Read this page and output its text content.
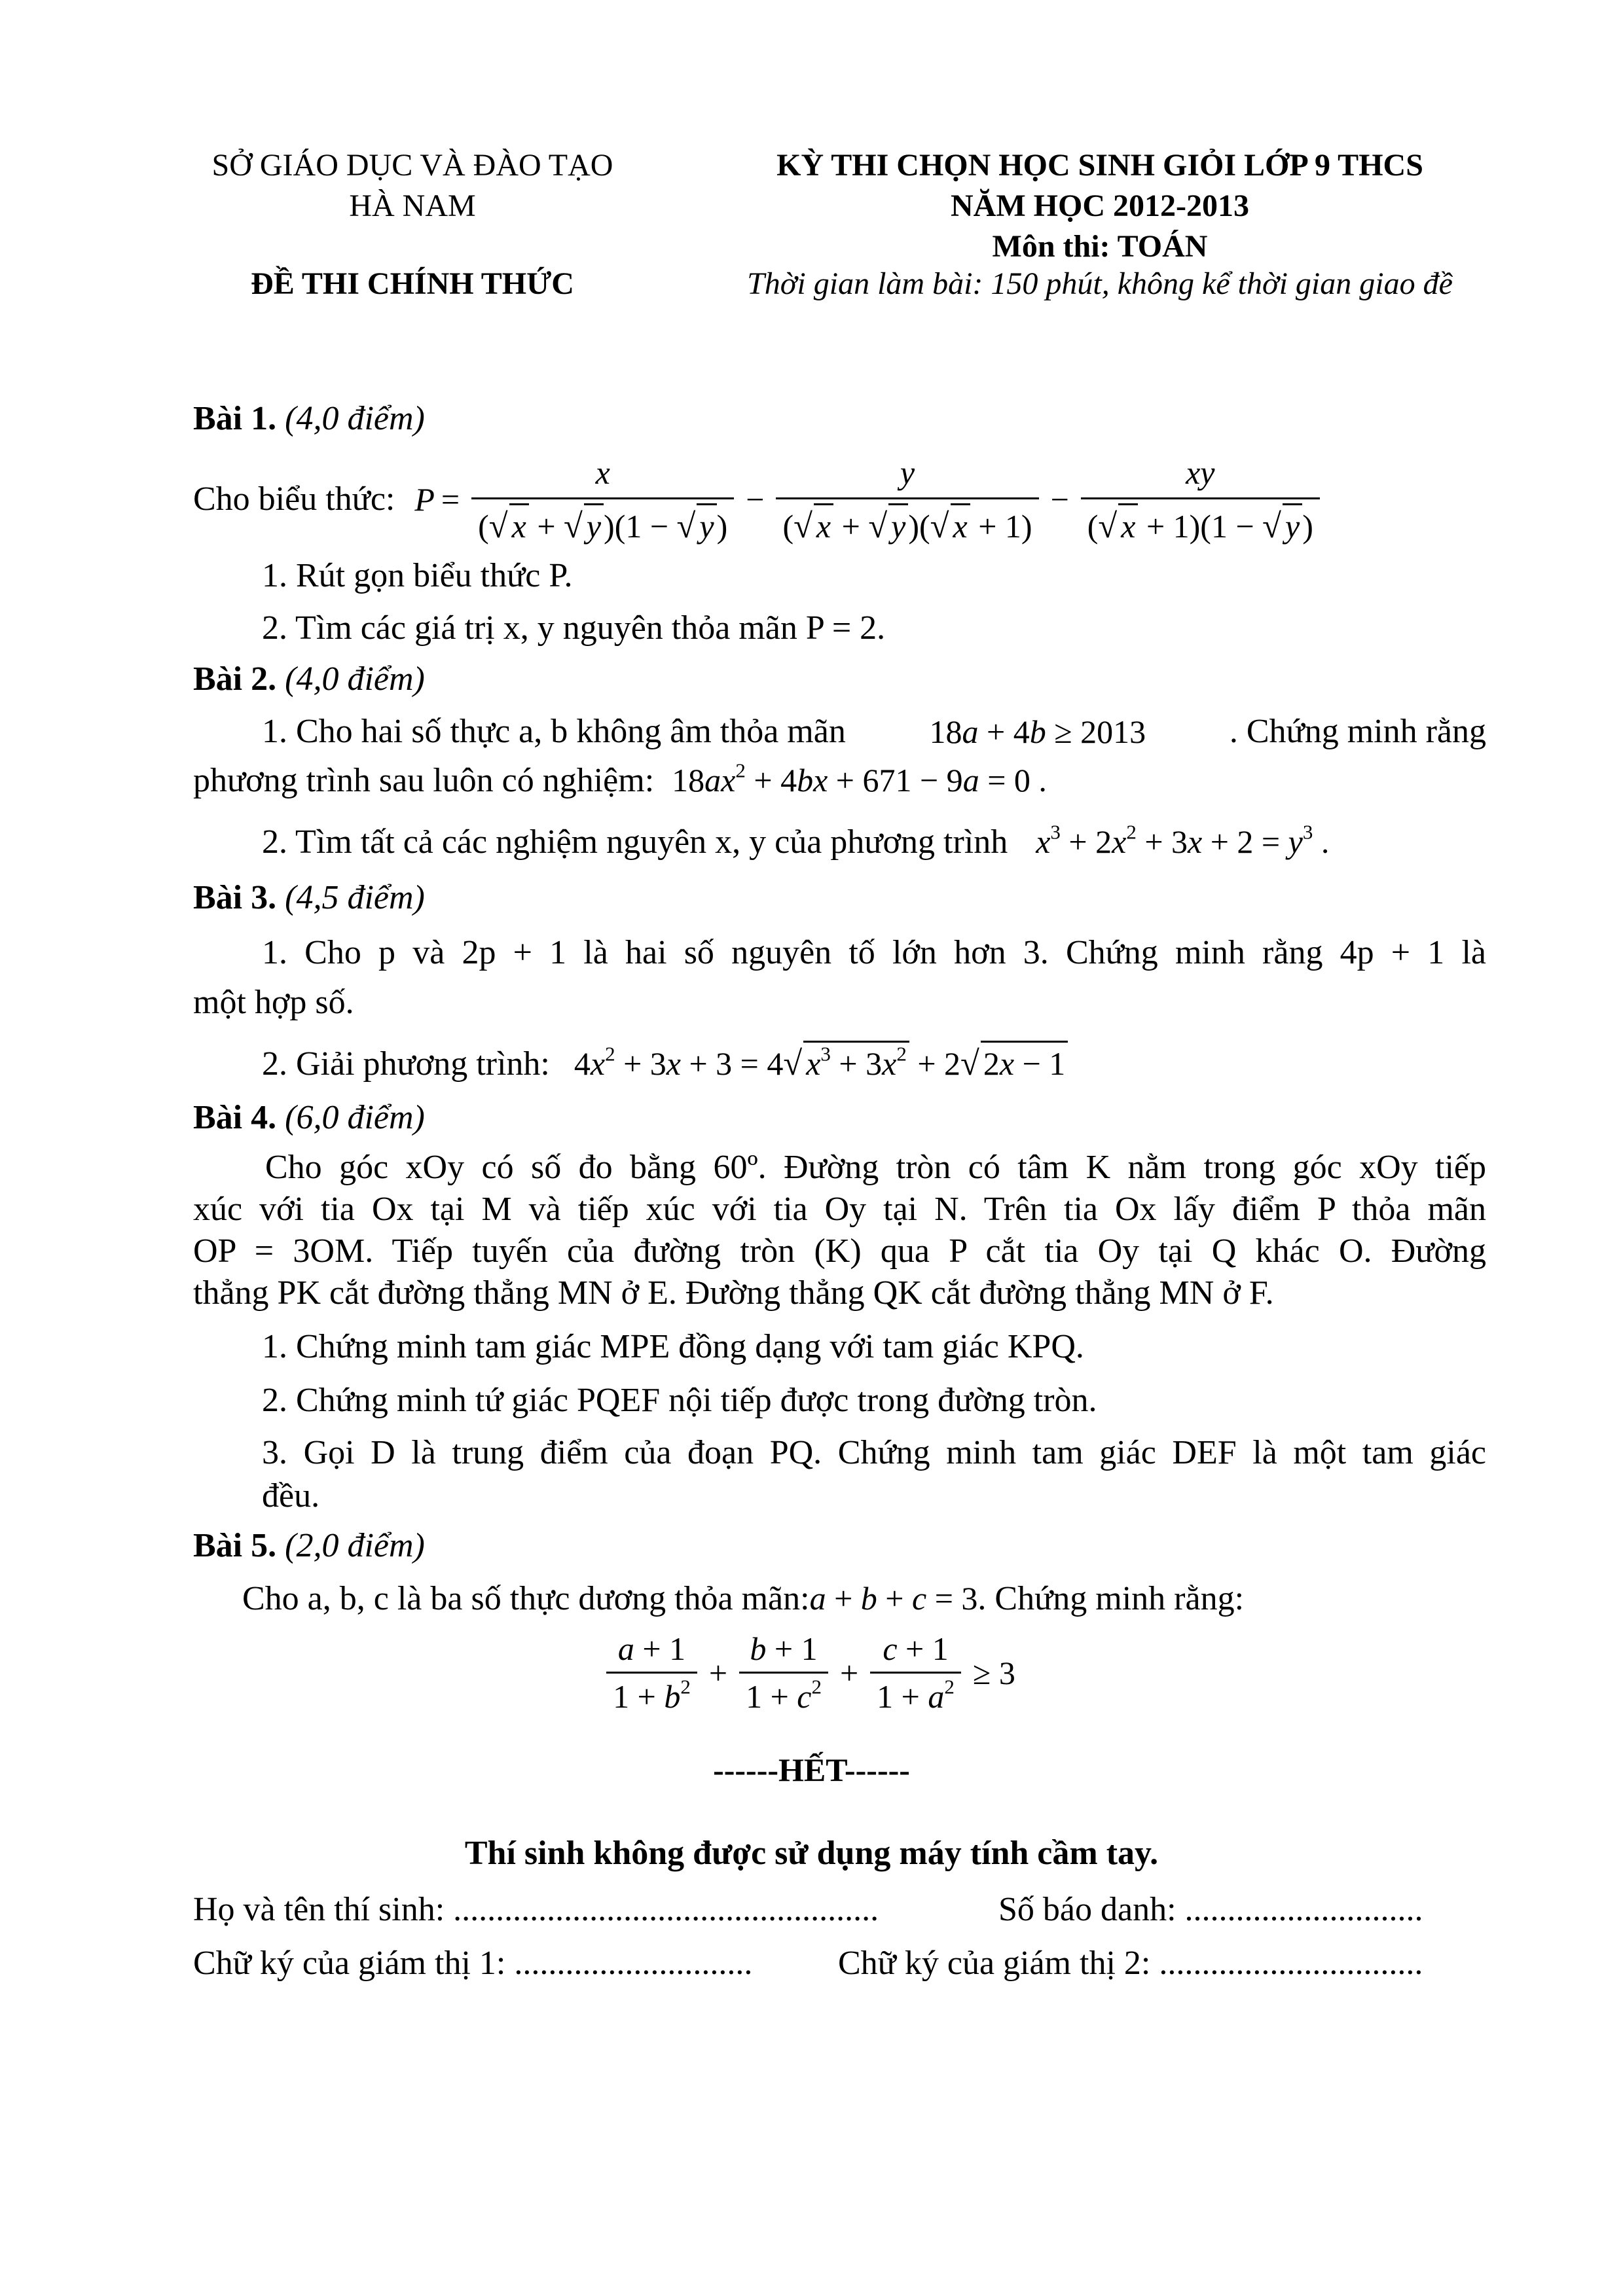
SỞ GIÁO DỤC VÀ ĐÀO TẠO
HÀ NAM
KỲ THI CHỌN HỌC SINH GIỎI LỚP 9 THCS
NĂM HỌC 2012-2013
Môn thi: TOÁN
ĐỀ THI CHÍNH THỨC	Thời gian làm bài: 150 phút, không kể thời gian giao đề
Bài 1. (4,0 điểm)
Cho biểu thức: $P = \frac{x}{(√ x + √ y)(1 - √ y)} - \frac{y}{(√ x + √ y)(√ x + 1)} - \frac{xy}{(√ x + 1)(1 - √ y)}$
1. Rút gọn biểu thức P.
2. Tìm các giá trị x, y nguyên thỏa mãn P = 2.
Bài 2. (4,0 điểm)
1. Cho hai số thực a, b không âm thỏa mãn	18a + 4b ≥ 2013 . Chứng minh rằng
phương trình sau luôn có nghiệm: $18ax^2 + 4bx + 671 - 9a = 0$ .
2. Tìm tất cả các nghiệm nguyên x, y của phương trình $x^3 + 2x^2 + 3x + 2 = y^3$ .
Bài 3. (4,5 điểm)
1. Cho p và 2p + 1 là hai số nguyên tố lớn hơn 3. Chứng minh rằng 4p + 1 là
một hợp số.
2. Giải phương trình: $4x^2 + 3x + 3 = 4√$ $x^3 + 3x^2 + 2√$ 2x − 1
Bài 4. (6,0 điểm)
Cho góc xOy có số đo bằng 60º. Đường tròn có tâm K nằm trong góc xOy tiếp
xúc với tia Ox tại M và tiếp xúc với tia Oy tại N. Trên tia Ox lấy điểm P thỏa mãn
OP = 3OM. Tiếp tuyến của đường tròn (K) qua P cắt tia Oy tại Q khác O. Đường
thẳng PK cắt đường thẳng MN ở E. Đường thẳng QK cắt đường thẳng MN ở F.
1. Chứng minh tam giác MPE đồng dạng với tam giác KPQ.
2. Chứng minh tứ giác PQEF nội tiếp được trong đường tròn.
3. Gọi D là trung điểm của đoạn PQ. Chứng minh tam giác DEF là một tam giác
đều.
Bài 5. (2,0 điểm)
Cho a, b, c là ba số thực dương thỏa mãn:a + b + c = 3. Chứng minh rằng:
$\frac{a + 1}{1 + b^2} + \frac{b + 1}{1 + c^2} + \frac{c + 1}{1 + a^2} \ge 3$
------HẾT------
Thí sinh không được sử dụng máy tính cầm tay.
Họ và tên thí sinh: ..................................................	Số báo danh: ............................
Chữ ký của giám thị 1: ............................	Chữ ký của giám thị 2: ...............................
